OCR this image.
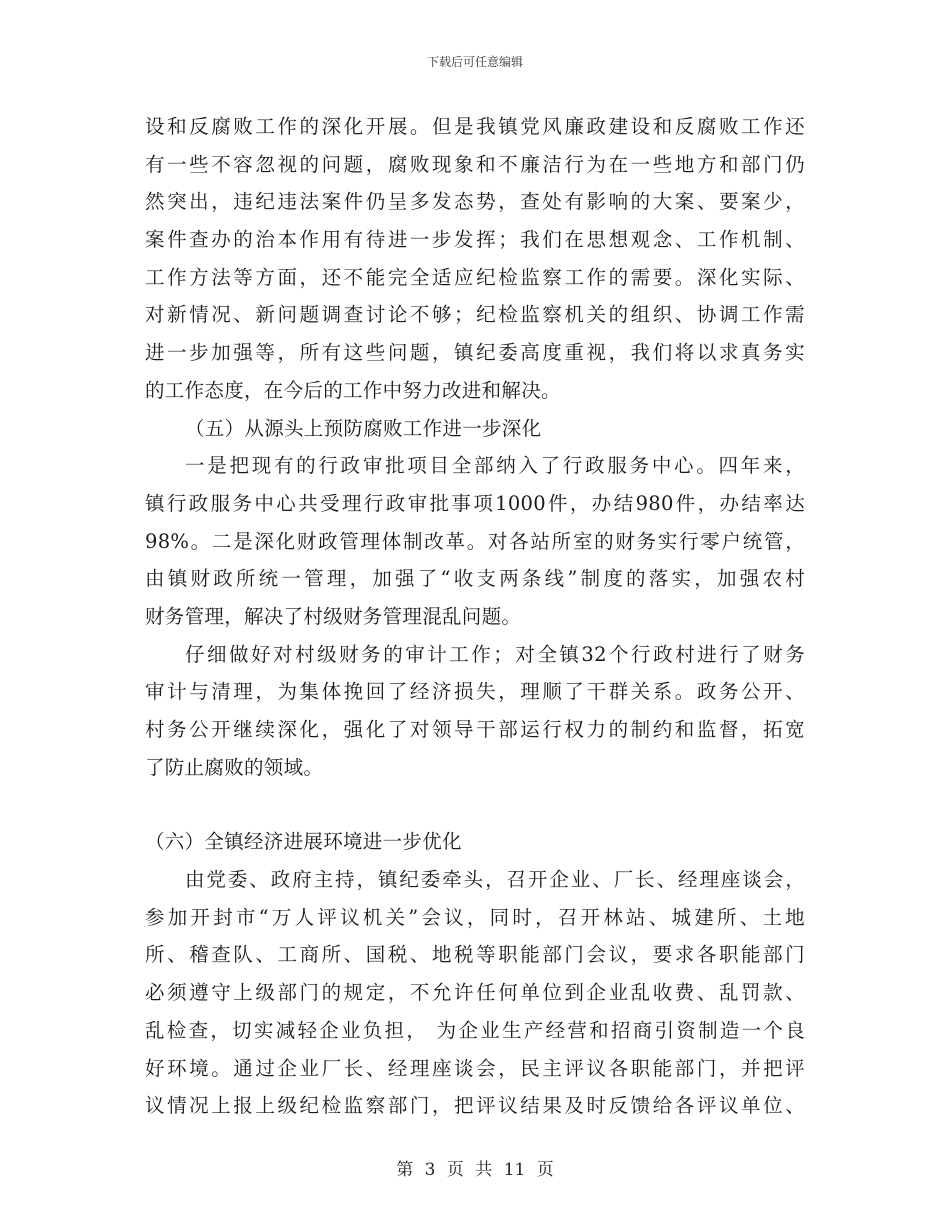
下载后可任意编辑
设和反腐败工作的深化开展。但是我镇党风廉政建设和反腐败工作还
有一些不容忽视的问题，腐败现象和不廉洁行为在一些地方和部门仍
然突出，违纪违法案件仍呈多发态势，查处有影响的大案、要案少，
案件查办的治本作用有待进一步发挥；我们在思想观念、工作机制、
工作方法等方面，还不能完全适应纪检监察工作的需要。深化实际、
对新情况、新问题调查讨论不够；纪检监察机关的组织、协调工作需
进一步加强等，所有这些问题，镇纪委高度重视，我们将以求真务实
的工作态度，在今后的工作中努力改进和解决。
（五）从源头上预防腐败工作进一步深化
一是把现有的行政审批项目全部纳入了行政服务中心。四年来，
镇行政服务中心共受理行政审批事项1000件，办结980件，办结率达
98%。二是深化财政管理体制改革。对各站所室的财务实行零户统管，
由镇财政所统一管理，加强了“收支两条线”制度的落实，加强农村
财务管理，解决了村级财务管理混乱问题。
仔细做好对村级财务的审计工作；对全镇32个行政村进行了财务
审计与清理，为集体挽回了经济损失，理顺了干群关系。政务公开、
村务公开继续深化，强化了对领导干部运行权力的制约和监督，拓宽
了防止腐败的领域。
（六）全镇经济进展环境进一步优化
由党委、政府主持，镇纪委牵头，召开企业、厂长、经理座谈会，
参加开封市“万人评议机关”会议，同时，召开林站、城建所、土地
所、稽查队、工商所、国税、地税等职能部门会议，要求各职能部门
必须遵守上级部门的规定，不允许任何单位到企业乱收费、乱罚款、
乱检查，切实减轻企业负担， 为企业生产经营和招商引资制造一个良
好环境。通过企业厂长、经理座谈会，民主评议各职能部门，并把评
议情况上报上级纪检监察部门，把评议结果及时反馈给各评议单位、
第 3 页 共 11 页
